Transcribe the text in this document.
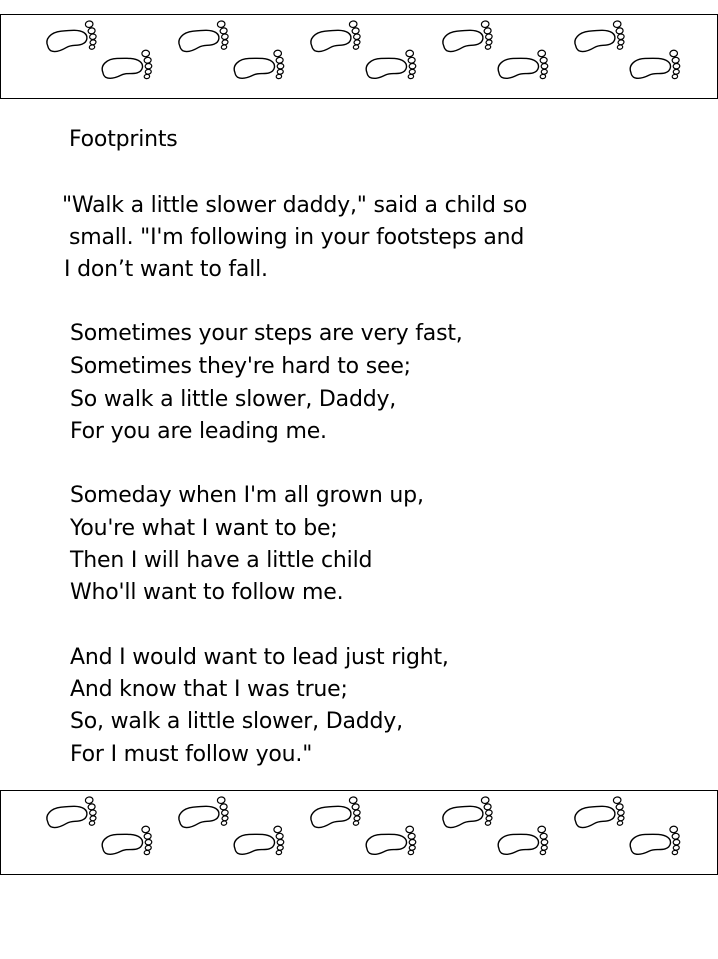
Footprints
"Walk a little slower daddy," said a child so
small. "I'm following in your footsteps and
I don’t want to fall.
Sometimes your steps are very fast,
Sometimes they're hard to see;
So walk a little slower, Daddy,
For you are leading me.
Someday when I'm all grown up,
You're what I want to be;
Then I will have a little child
Who'll want to follow me.
And I would want to lead just right,
And know that I was true;
So, walk a little slower, Daddy,
For I must follow you."
